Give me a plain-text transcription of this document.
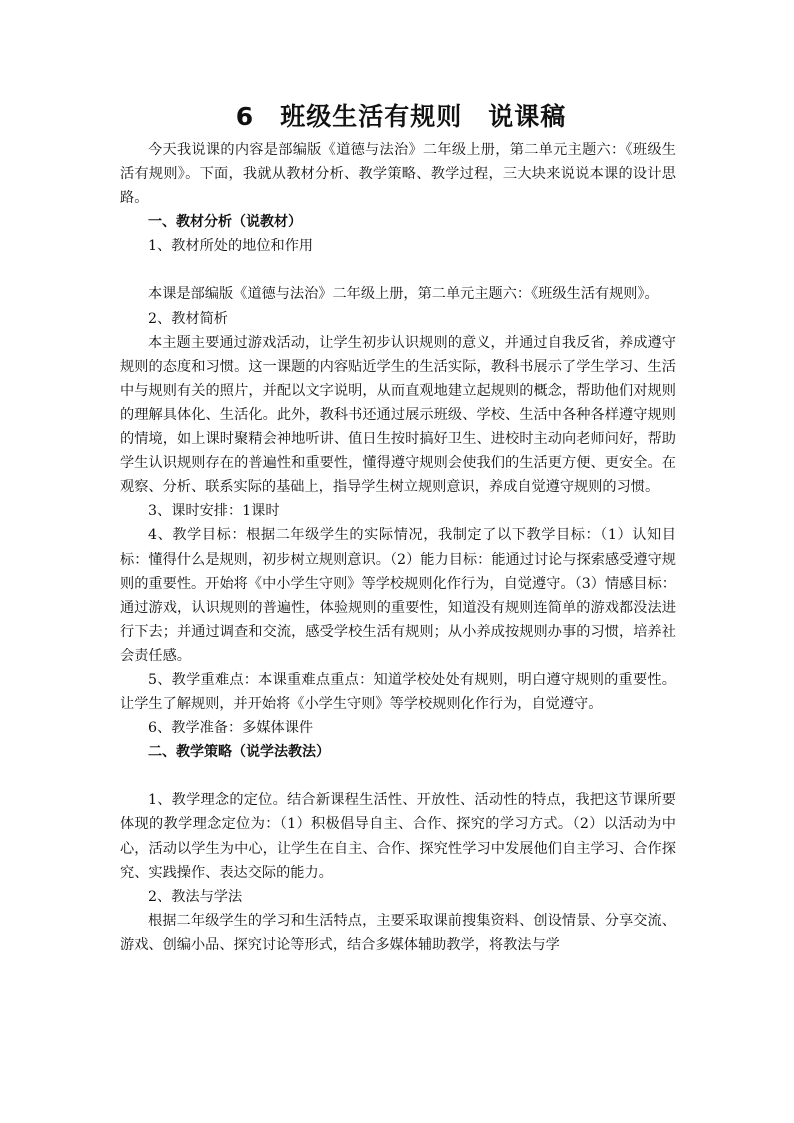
6　班级生活有规则　说课稿

今天我说课的内容是部编版《道德与法治》二年级上册，第二单元主题六：《班级生活有规则》。下面，我就从教材分析、教学策略、教学过程，三大块来说说本课的设计思路。

一、教材分析（说教材）

1、教材所处的地位和作用

本课是部编版《道德与法治》二年级上册，第二单元主题六：《班级生活有规则》。

2、教材简析

本主题主要通过游戏活动，让学生初步认识规则的意义，并通过自我反省，养成遵守规则的态度和习惯。这一课题的内容贴近学生的生活实际，教科书展示了学生学习、生活中与规则有关的照片，并配以文字说明，从而直观地建立起规则的概念，帮助他们对规则的理解具体化、生活化。此外，教科书还通过展示班级、学校、生活中各种各样遵守规则的情境，如上课时聚精会神地听讲、值日生按时搞好卫生、进校时主动向老师问好，帮助学生认识规则存在的普遍性和重要性，懂得遵守规则会使我们的生活更方便、更安全。在观察、分析、联系实际的基础上，指导学生树立规则意识，养成自觉遵守规则的习惯。

3、课时安排：1课时

4、教学目标：根据二年级学生的实际情况，我制定了以下教学目标：（1）认知目标：懂得什么是规则，初步树立规则意识。（2）能力目标：能通过讨论与探索感受遵守规则的重要性。开始将《中小学生守则》等学校规则化作行为，自觉遵守。（3）情感目标：通过游戏，认识规则的普遍性，体验规则的重要性，知道没有规则连简单的游戏都没法进行下去；并通过调查和交流，感受学校生活有规则；从小养成按规则办事的习惯，培养社会责任感。

5、教学重难点：本课重难点重点：知道学校处处有规则，明白遵守规则的重要性。让学生了解规则，并开始将《小学生守则》等学校规则化作行为，自觉遵守。

6、教学准备：多媒体课件

二、教学策略（说学法教法）

1、教学理念的定位。结合新课程生活性、开放性、活动性的特点，我把这节课所要体现的教学理念定位为：（1）积极倡导自主、合作、探究的学习方式。（2）以活动为中心，活动以学生为中心，让学生在自主、合作、探究性学习中发展他们自主学习、合作探究、实践操作、表达交际的能力。

2、教法与学法

根据二年级学生的学习和生活特点，主要采取课前搜集资料、创设情景、分享交流、游戏、创编小品、探究讨论等形式，结合多媒体辅助教学，将教法与学
